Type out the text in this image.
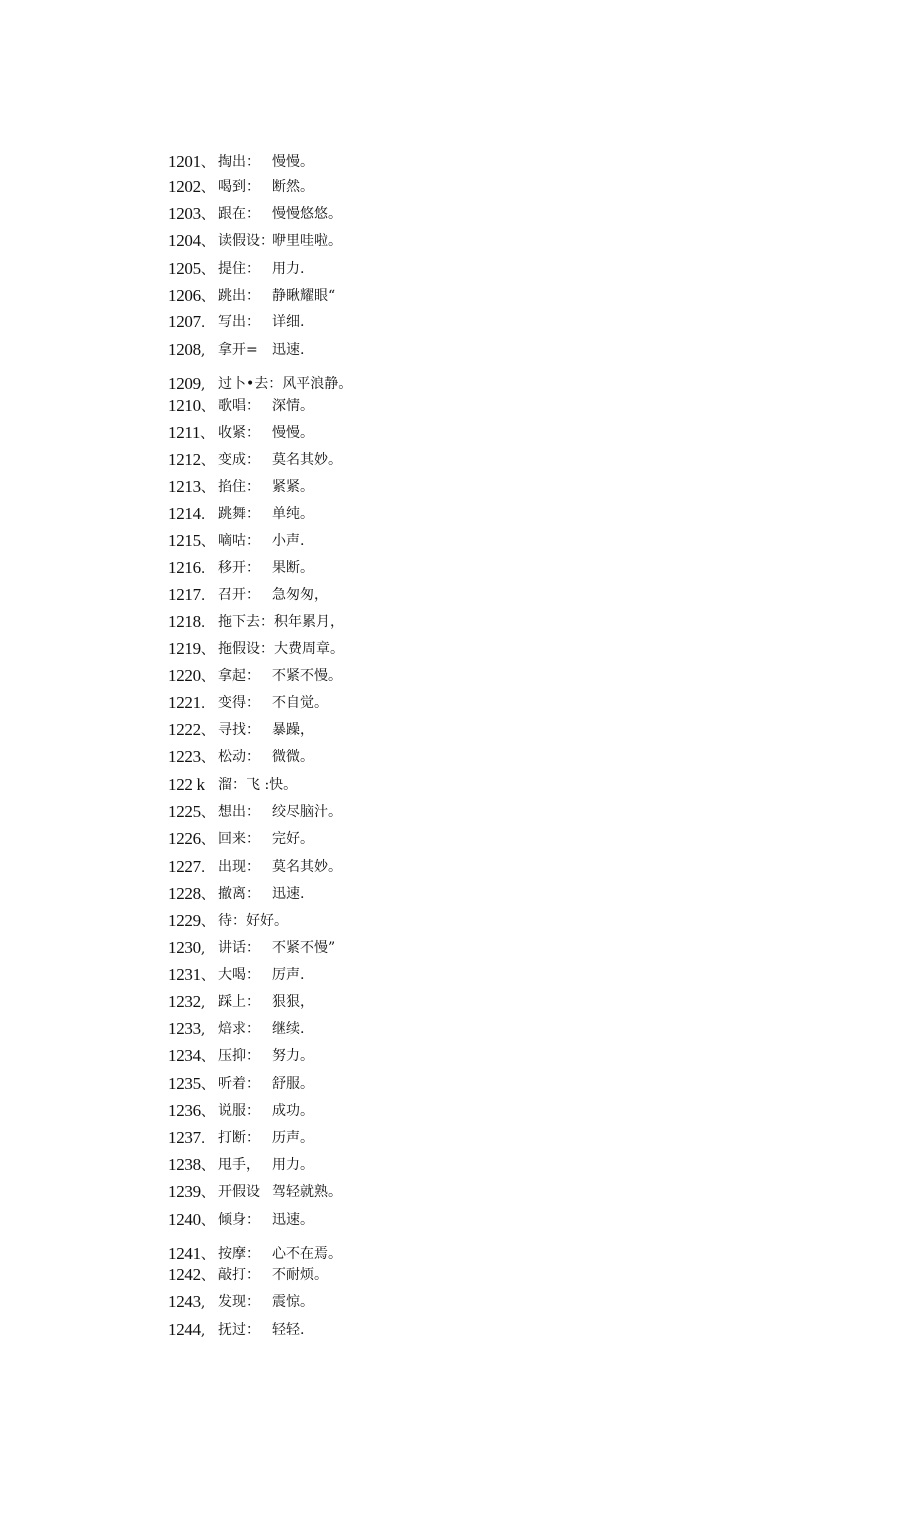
1201、 掏出： 慢慢。
1202、 喝到： 断然。
1203、 跟在： 慢慢悠悠。
1204、 读假设：
咿里哇啦。
1205、 提住： 用力.
1206、 跳出： 静瞅耀眼“
1207. 写出： 详细.
1208, 拿开= 迅速.
1209, 过卜•去：风平浪静。
1210、 歌唱： 深情。
1211、 收紧： 慢慢。
1212、 变成： 莫名其妙。
1213、 掐住： 紧紧。
1214. 跳舞： 单纯。
1215、 嘀咕： 小声.
1216. 移开： 果断。
1217. 召开： 急匆匆，
1218. 拖下去：积年累月，
1219、 拖假设：大费周章。
1220、 拿起： 不紧不慢。
1221. 变得： 不自觉。
1222、 寻找： 暴躁，
1223、 松动： 微微。
122 k 溜：飞 :快。
1225、 想出： 绞尽脑汁。
1226、 回来： 完好。
1227. 出现： 莫名其妙。
1228、 撤离： 迅速.
1229、 待：好好。
1230, 讲话： 不紧不慢”
1231、 大喝： 厉声.
1232, 踩上： 狠狠，
1233, 焙求： 继续.
1234、 压抑： 努力。
1235、 听着： 舒服。
1236、 说服： 成功。
1237. 打断： 历声。
1238、 甩手， 用力。
1239、 开假设 驾轻就熟。
1240、 倾身： 迅速。
1241、 按摩： 心不在焉。
1242、 敲打： 不耐烦。
1243, 发现： 震惊。
1244, 抚过： 轻轻.
